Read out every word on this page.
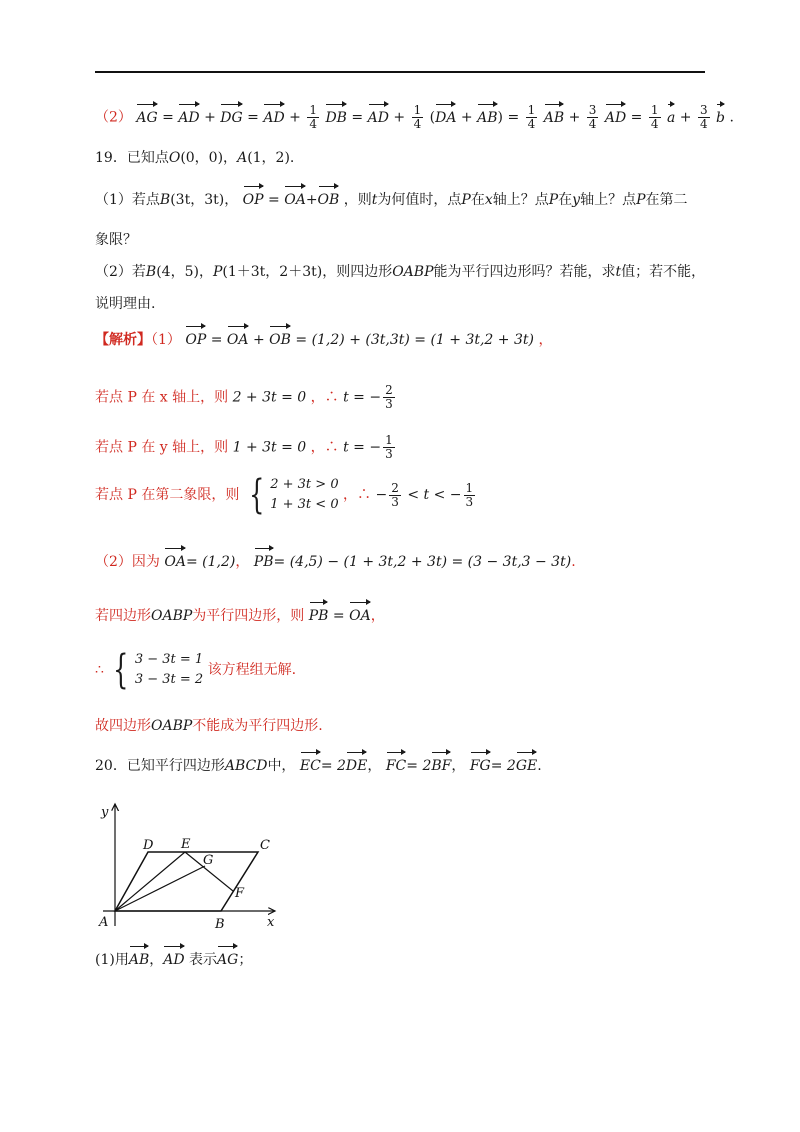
（2） AG = AD + DG = AD + $\frac{1}{4}$ DB = AD + $\frac{1}{4} (DA + AB) = \frac{1}{4}$ AB + $\frac{3}{4}$ AD = $\frac{1}{4}$ $a + \frac{3}{4}$ b .
19．已知点O(0，0)，A(1，2).
（1）若点B(3t，3t)， OP = OA+OB ，则t为何值时，点P在x轴上？点P在y轴上？点P在第二
象限？
（2）若B(4，5)，P(1＋3t，2＋3t)，则四边形OABP能为平行四边形吗？若能，求t值；若不能，
说明理由.
【解析】（1） OP = OA + OB = (1,2) + (3t,3t) = (1 + 3t,2 + 3t) ，
若点 P 在 x 轴上，则 2 + 3t = 0 ，∴ t = − $\frac{2}{3}$
若点 P 在 y 轴上，则 1 + 3t = 0 ，∴ t = − $\frac{1}{3}$
若点 P 在第二象限，则 { 2 + 3t > 0
1 + 3t < 0
，∴ − $\frac{2}{3} < t$ < − $\frac{1}{3}$
（2）因为 OA= (1,2)， PB= (4,5) − (1 + 3t,2 + 3t) = (3 − 3t,3 − 3t).
若四边形OABP为平行四边形，则 PB = OA，
∴ { 3 − 3t = 1
3 − 3t = 2
该方程组无解.
故四边形OABP不能成为平行四边形.
20．已知平行四边形ABCD中， EC= 2DE， FC= 2BF， FG= 2GE.
A	B
C
D E
F
G
x
y
(1)用AB，AD 表示AG；
